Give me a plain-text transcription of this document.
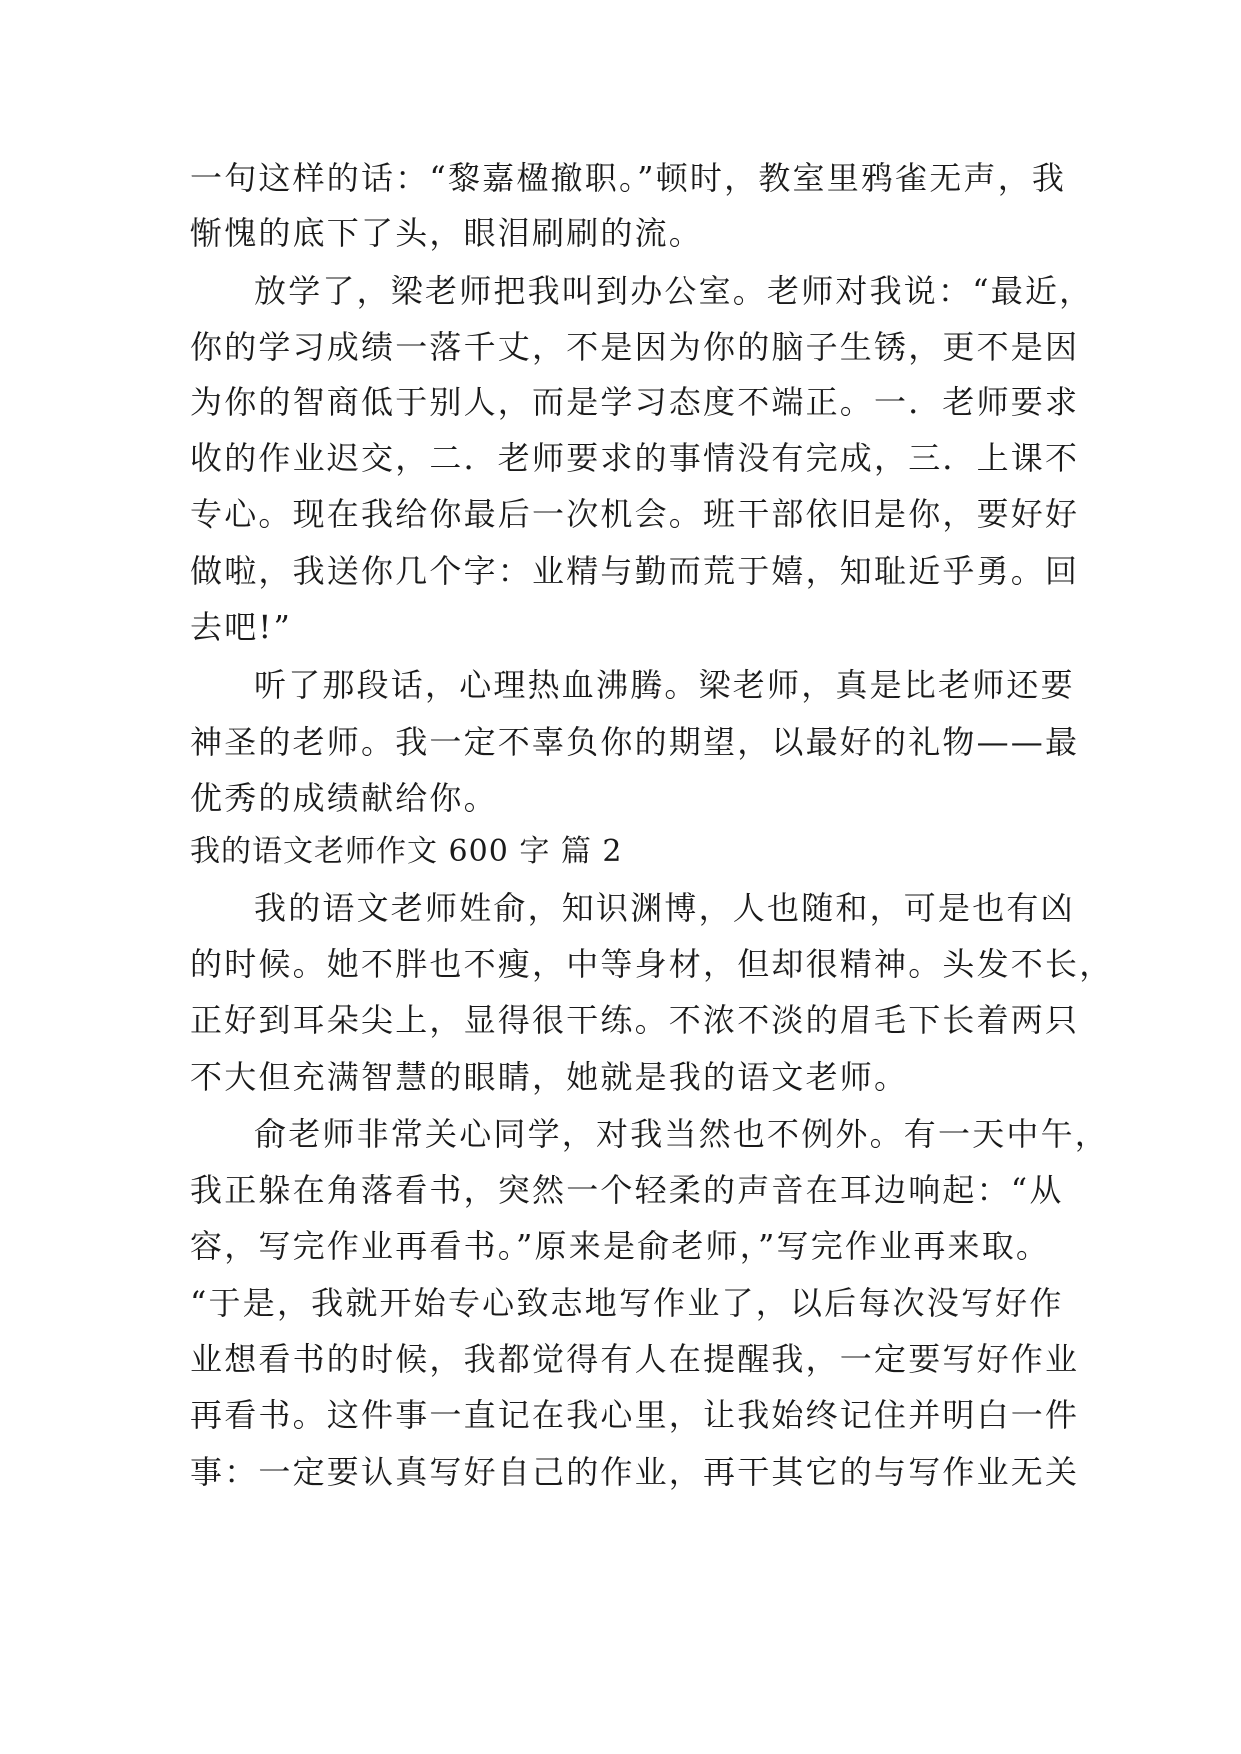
一句这样的话：“黎嘉楹撤职。”顿时，教室里鸦雀无声，我
惭愧的底下了头，眼泪刷刷的流。
放学了，梁老师把我叫到办公室。老师对我说：“最近，
你的学习成绩一落千丈，不是因为你的脑子生锈，更不是因
为你的智商低于别人，而是学习态度不端正。一．老师要求
收的作业迟交，二．老师要求的事情没有完成，三．上课不
专心。现在我给你最后一次机会。班干部依旧是你，要好好
做啦，我送你几个字：业精与勤而荒于嬉，知耻近乎勇。回
去吧!”
听了那段话，心理热血沸腾。梁老师，真是比老师还要
神圣的老师。我一定不辜负你的期望，以最好的礼物——最
优秀的成绩献给你。
我的语文老师作文 600 字 篇 2
我的语文老师姓俞，知识渊博，人也随和，可是也有凶
的时候。她不胖也不瘦，中等身材，但却很精神。头发不长，
正好到耳朵尖上，显得很干练。不浓不淡的眉毛下长着两只
不大但充满智慧的眼睛，她就是我的语文老师。
俞老师非常关心同学，对我当然也不例外。有一天中午，
我正躲在角落看书，突然一个轻柔的声音在耳边响起：“从
容，写完作业再看书。”原来是俞老师，”写完作业再来取。
“于是，我就开始专心致志地写作业了，以后每次没写好作
业想看书的时候，我都觉得有人在提醒我，一定要写好作业
再看书。这件事一直记在我心里，让我始终记住并明白一件
事：一定要认真写好自己的作业，再干其它的与写作业无关
